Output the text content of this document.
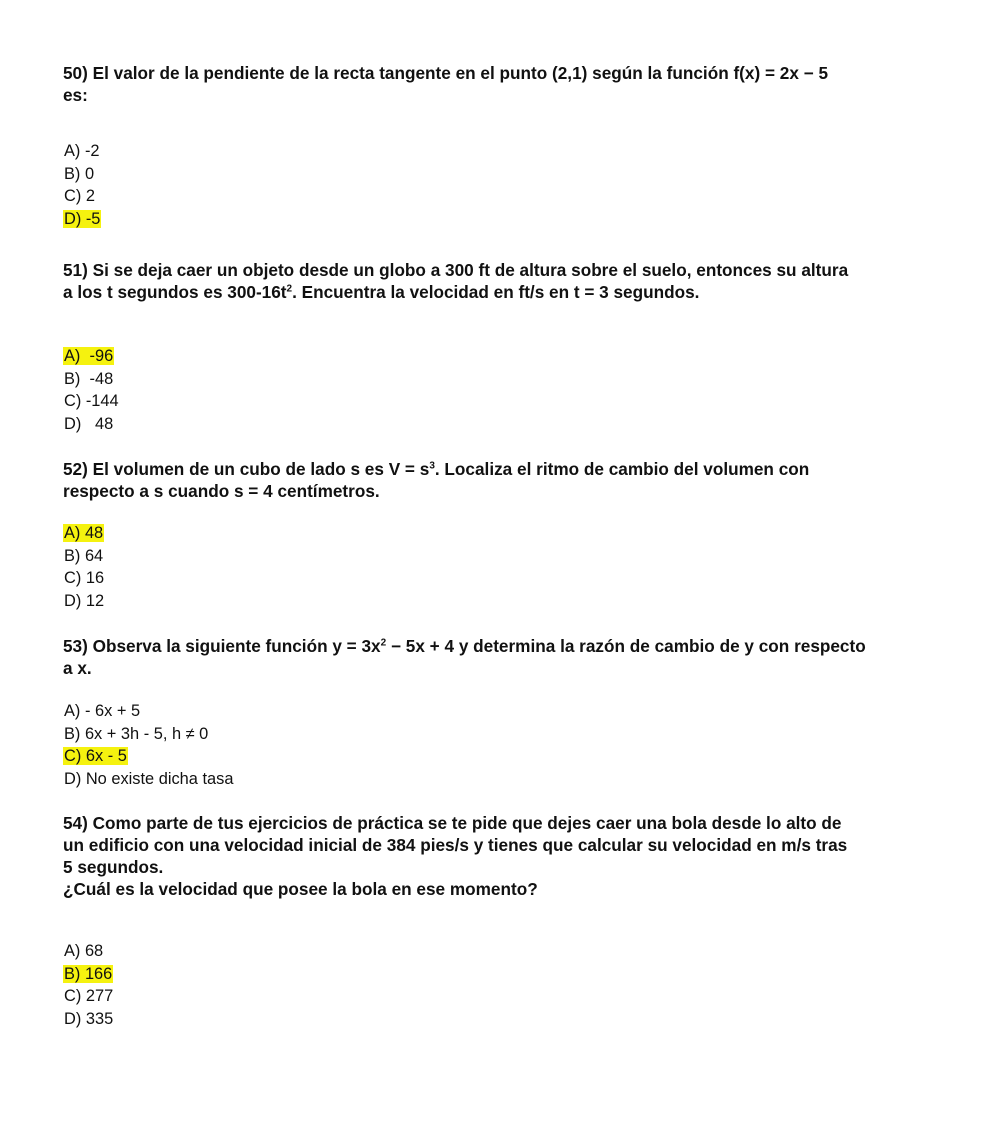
50) El valor de la pendiente de la recta tangente en el punto (2,1) según la función f(x) = 2x − 5
es:

A) -2
B) 0
C) 2
D) -5

51) Si se deja caer un objeto desde un globo a 300 ft de altura sobre el suelo, entonces su altura
a los t segundos es $300-16t^2$. Encuentra la velocidad en ft/s en t = 3 segundos.

A)  -96
B)  -48
C) -144
D)   48

52) El volumen de un cubo de lado s es $V = s^3$. Localiza el ritmo de cambio del volumen con
respecto a s cuando s = 4 centímetros.

A) 48
B) 64
C) 16
D) 12

53) Observa la siguiente función $y = 3x^2 - 5x + 4$ y determina la razón de cambio de y con respecto
a x.

A) - 6x + 5
B) 6x + 3h - 5, h ≠ 0
C) 6x - 5
D) No existe dicha tasa

54) Como parte de tus ejercicios de práctica se te pide que dejes caer una bola desde lo alto de
un edificio con una velocidad inicial de 384 pies/s y tienes que calcular su velocidad en m/s tras
5 segundos.
¿Cuál es la velocidad que posee la bola en ese momento?

A) 68
B) 166
C) 277
D) 335
